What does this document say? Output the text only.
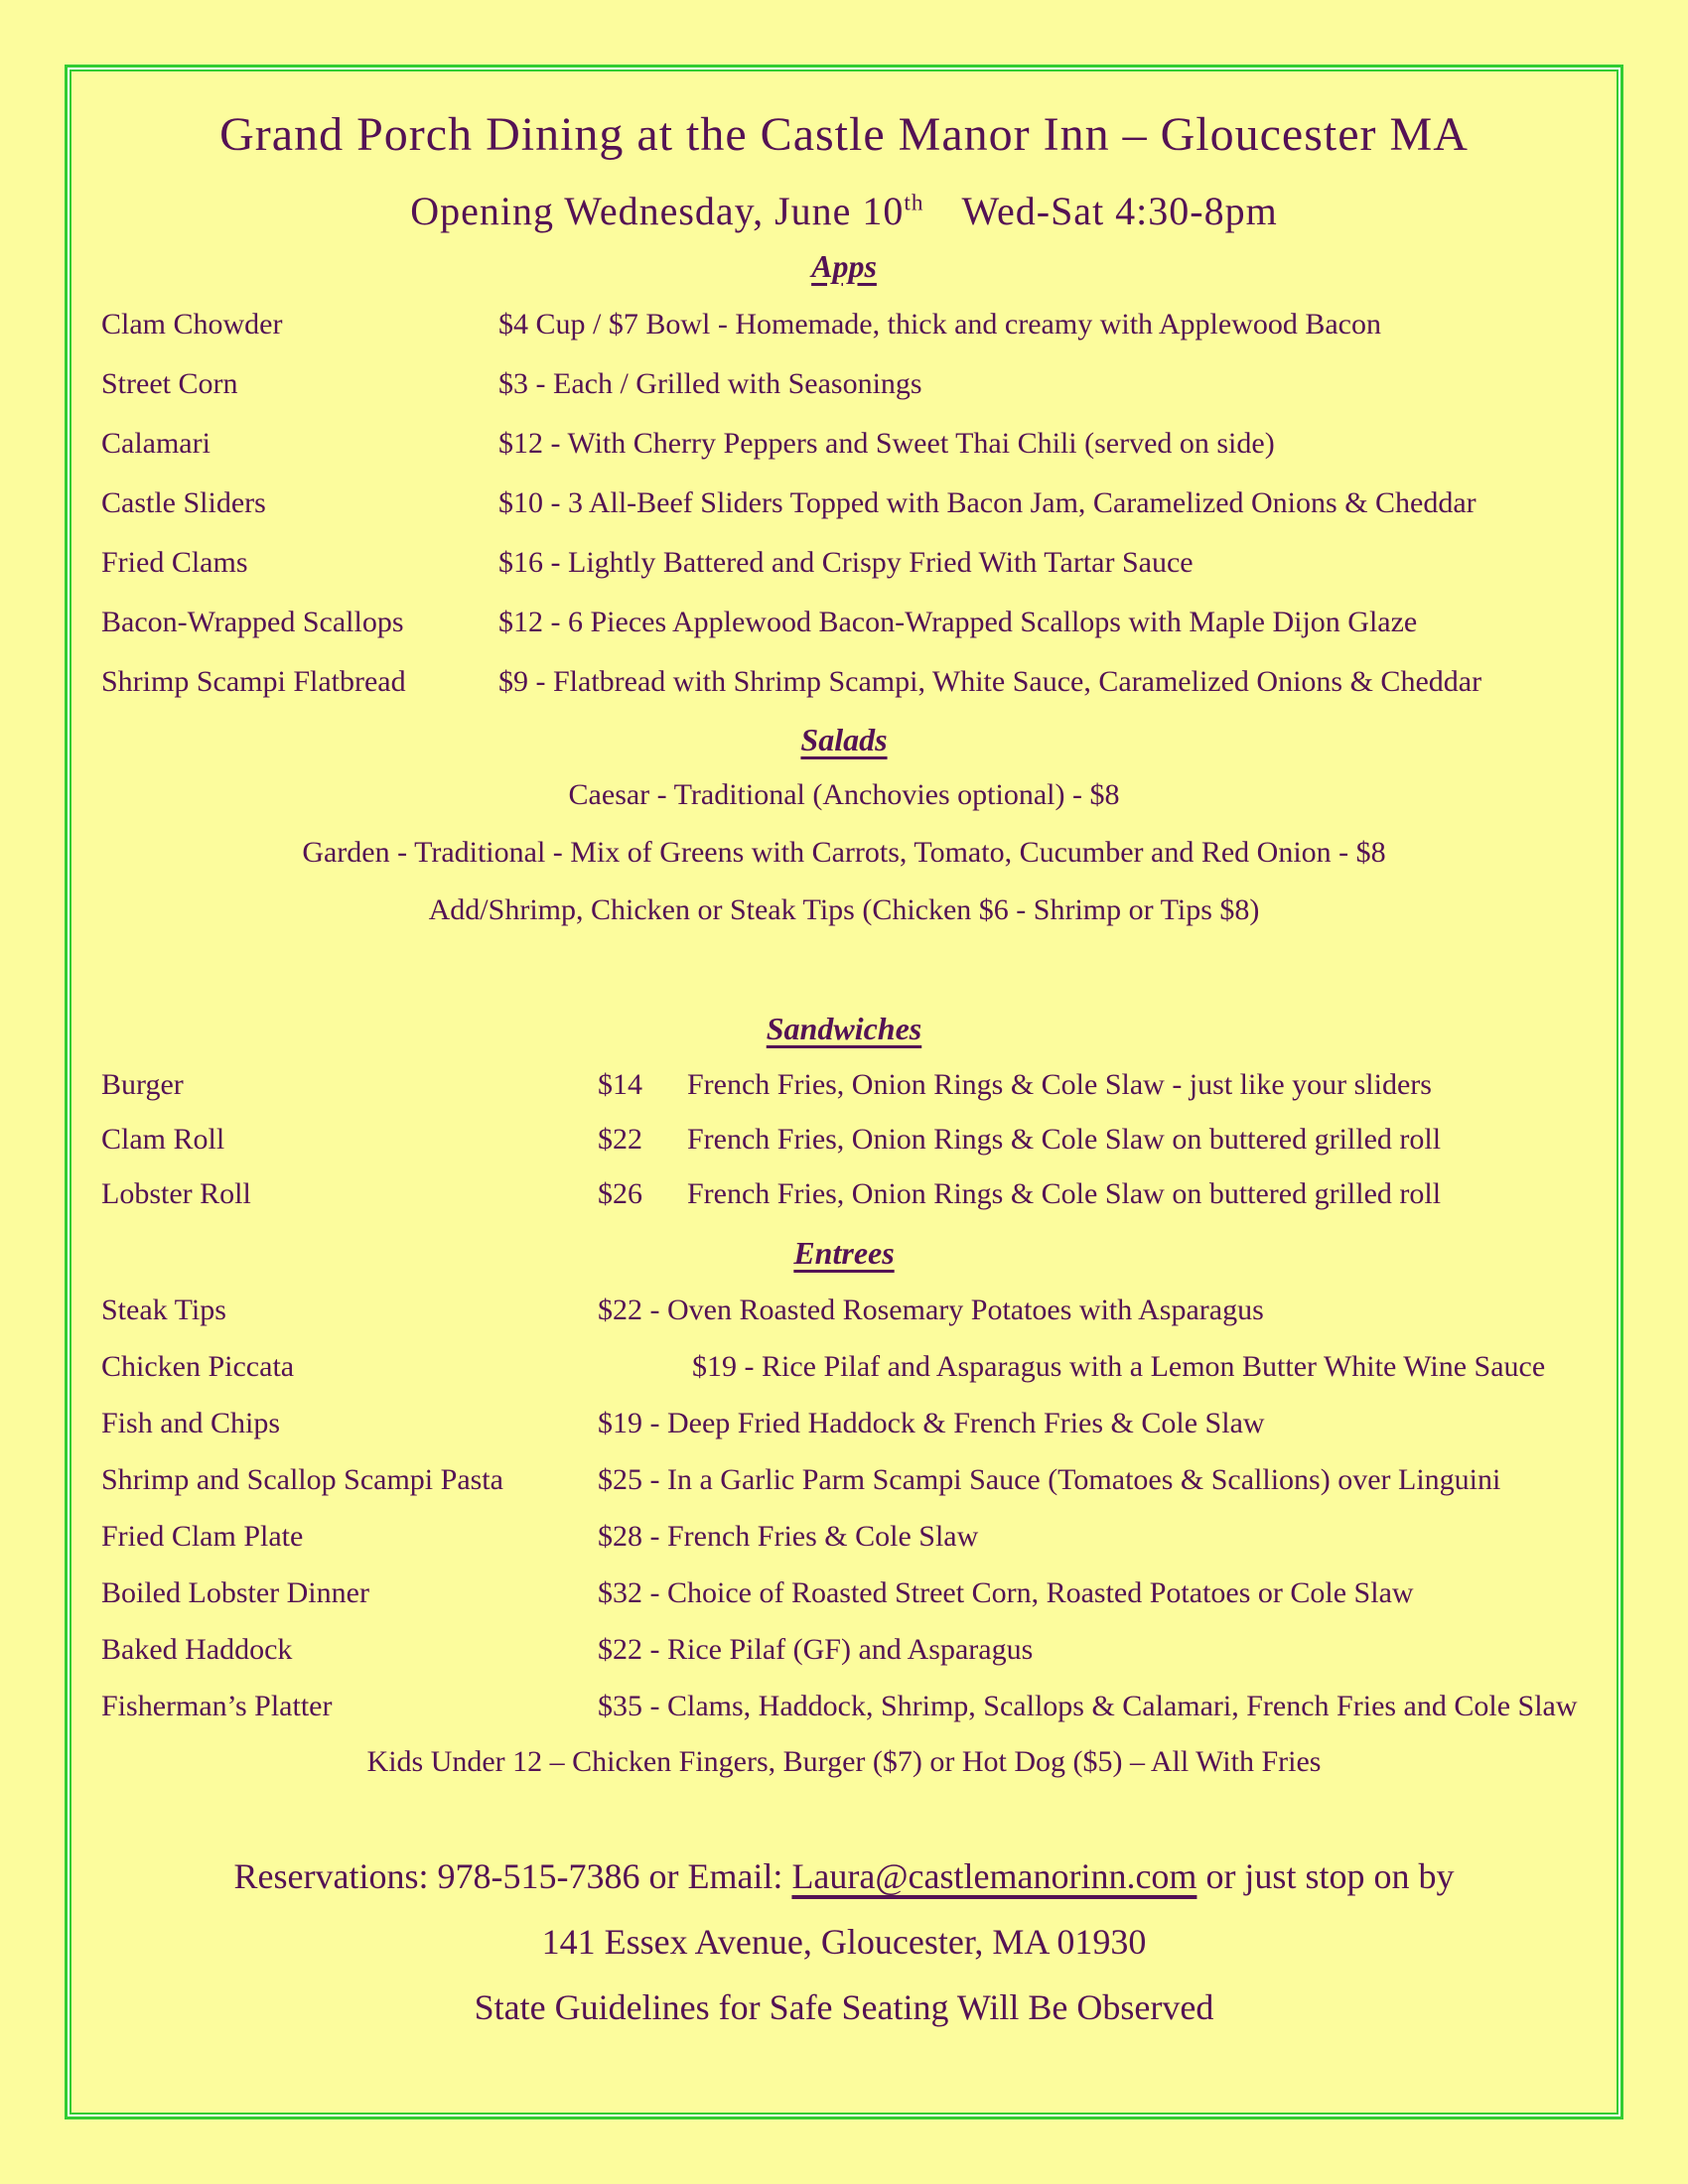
Grand Porch Dining at the Castle Manor Inn – Gloucester MA
Opening Wednesday, June 10th Wed-Sat 4:30-8pm
Apps
Clam Chowder	$4 Cup / $7 Bowl - Homemade, thick and creamy with Applewood Bacon
Street Corn	$3 - Each / Grilled with Seasonings
Calamari	$12 - With Cherry Peppers and Sweet Thai Chili (served on side)
Castle Sliders	$10 - 3 All-Beef Sliders Topped with Bacon Jam, Caramelized Onions & Cheddar
Fried Clams	$16 - Lightly Battered and Crispy Fried With Tartar Sauce
Bacon-Wrapped Scallops	$12 - 6 Pieces Applewood Bacon-Wrapped Scallops with Maple Dijon Glaze
Shrimp Scampi Flatbread	$9 - Flatbread with Shrimp Scampi, White Sauce, Caramelized Onions & Cheddar
Salads
Caesar - Traditional (Anchovies optional) - $8
Garden - Traditional - Mix of Greens with Carrots, Tomato, Cucumber and Red Onion - $8
Add/Shrimp, Chicken or Steak Tips (Chicken $6 - Shrimp or Tips $8)
Sandwiches
Burger	$14	French Fries, Onion Rings & Cole Slaw - just like your sliders
Clam Roll	$22	French Fries, Onion Rings & Cole Slaw on buttered grilled roll
Lobster Roll	$26	French Fries, Onion Rings & Cole Slaw on buttered grilled roll
Entrees
Steak Tips	$22 - Oven Roasted Rosemary Potatoes with Asparagus
Chicken Piccata	$19 - Rice Pilaf and Asparagus with a Lemon Butter White Wine Sauce
Fish and Chips	$19 - Deep Fried Haddock & French Fries & Cole Slaw
Shrimp and Scallop Scampi Pasta	$25 - In a Garlic Parm Scampi Sauce (Tomatoes & Scallions) over Linguini
Fried Clam Plate	$28 - French Fries & Cole Slaw
Boiled Lobster Dinner	$32 - Choice of Roasted Street Corn, Roasted Potatoes or Cole Slaw
Baked Haddock	$22 - Rice Pilaf (GF) and Asparagus
Fisherman’s Platter	$35 - Clams, Haddock, Shrimp, Scallops & Calamari, French Fries and Cole Slaw
Kids Under 12 – Chicken Fingers, Burger ($7) or Hot Dog ($5) – All With Fries
Reservations: 978-515-7386 or Email: Laura@castlemanorinn.com or just stop on by
141 Essex Avenue, Gloucester, MA 01930
State Guidelines for Safe Seating Will Be Observed
